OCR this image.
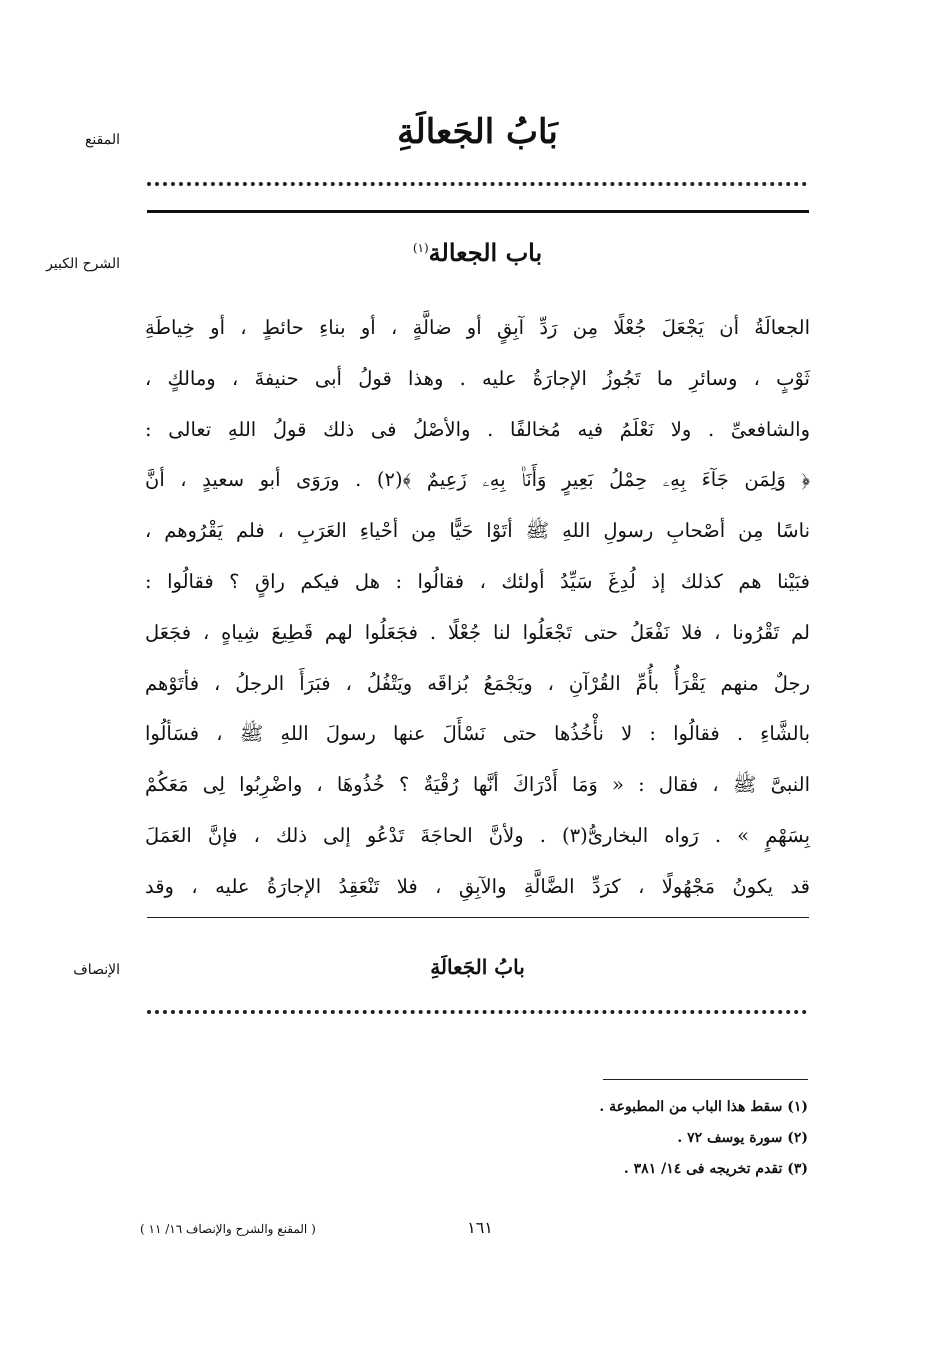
بَابُ الجَعالَةِ
المقنع
الشرح الكبير	باب الجعالة$^{(١)}$
الجعالَةُ أن يَجْعَلَ جُعْلًا مِن رَدِّ آبِقٍ أو ضالَّةٍ ، أو بناءِ حائطٍ ، أو خِياطَةِ
ثَوْبٍ ، وسائرِ ما تَجُوزُ الإجارَةُ عليه . وهذا قولُ أبى حنيفةَ ، ومالكٍ ،
والشافعىِّ . ولا نَعْلَمُ فيه مُخالفًا . والأصْلُ فى ذلك قولُ اللهِ تعالى :
﴿ وَلِمَن جَآءَ بِهِۦ حِمْلُ بَعِيرٍ وَأَنَا۠ بِهِۦ زَعِيمٌ ﴾(٢) . ورَوَى أبو سعيدٍ ، أنَّ
ناسًا مِن أصْحابِ رسولِ اللهِ ﷺ أتَوْا حَيًّا مِن أحْياءِ العَرَبِ ، فلم يَقْرُوهم ،
فبَيْنا هم كذلك إذ لُدِغَ سَيِّدُ أولئك ، فقالُوا : هل فيكم راقٍ ؟ فقالُوا :
لم تَقْرُونا ، فلا نَفْعَلُ حتى تَجْعَلُوا لنا جُعْلًا . فجَعَلُوا لهم قَطِيعَ شِياهٍ ، فجَعَل
رجلٌ منهم يَقْرَأُ بأُمِّ القُرْآنِ ، ويَجْمَعُ بُزاقَه ويَتْفُلُ ، فبَرَأَ الرجلُ ، فأتَوْهم
بالشَّاءِ . فقالُوا : لا نأْخُذُها حتى نَسْأَلَ عنها رسولَ اللهِ ﷺ ، فسَألُوا
النبىَّ ﷺ ، فقال : « وَمَا أَدْرَاكَ أنَّها رُقْيَةٌ ؟ خُذُوهَا ، واضْرِبُوا لِى مَعَكُمْ
بِسَهْمٍ » . رَواه البخارىُّ(٣) . ولأنَّ الحاجَةَ تَدْعُو إلى ذلك ، فإنَّ العَمَلَ
قد يكونُ مَجْهُولًا ، كرَدِّ الضَّالَّةِ والآبِقِ ، فلا تَنْعَقِدُ الإجارَةُ عليه ، وقد
الإنصاف	بابُ الجَعالَةِ
(١) سقط هذا الباب من المطبوعة .
(٢) سورة يوسف ٧٢ .
(٣) تقدم تخريجه فى ١٤/ ٣٨١ .
١٦١
( المقنع والشرح والإنصاف ١٦/ ١١ )
